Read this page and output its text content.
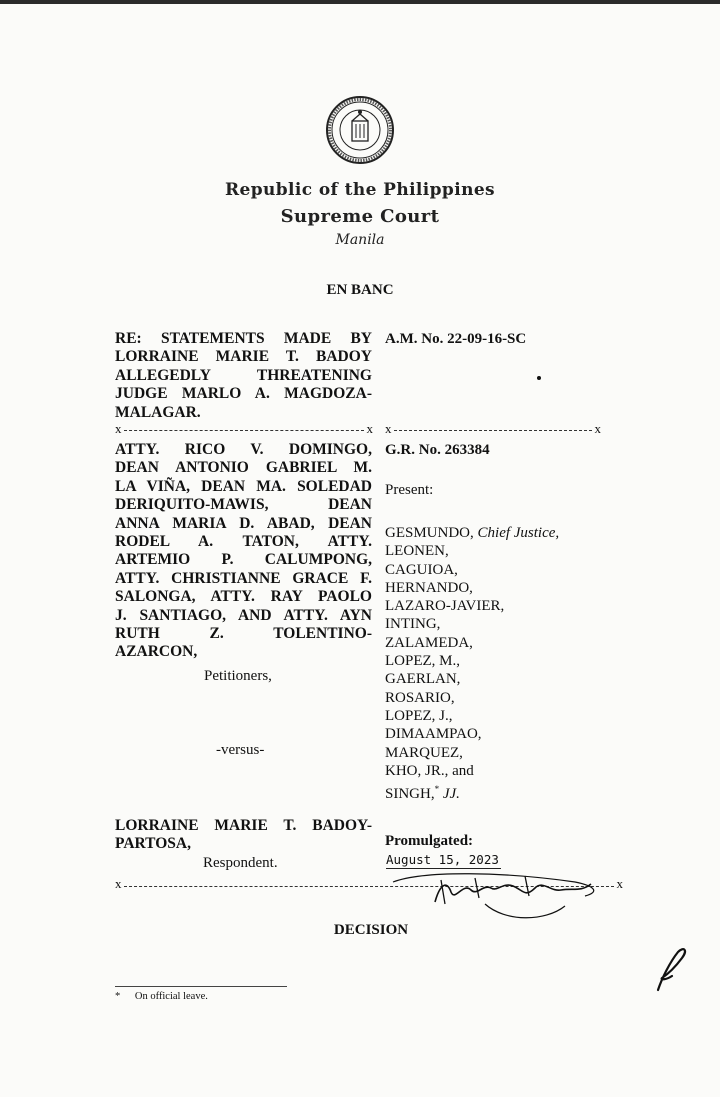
Republic of the Philippines
Supreme Court
Manila
EN BANC
RE: STATEMENTS MADE BY
LORRAINE MARIE T. BADOY
ALLEGEDLY THREATENING
JUDGE MARLO A. MAGDOZA-

MALAGAR.
A.M. No. 22-09-16-SC
x	x x	x
ATTY. RICO V. DOMINGO,
DEAN ANTONIO GABRIEL M.
LA VIÑA, DEAN MA. SOLEDAD
DERIQUITO-MAWIS, DEAN
ANNA MARIA D. ABAD, DEAN
RODEL A. TATON, ATTY.
ARTEMIO P. CALUMPONG,
ATTY. CHRISTIANNE GRACE F.
SALONGA, ATTY. RAY PAOLO
J. SANTIAGO, AND ATTY. AYN
RUTH Z. TOLENTINO-

AZARCON,
Petitioners,
-versus-
G.R. No. 263384
Present:
GESMUNDO, Chief Justice,
LEONEN,
CAGUIOA,
HERNANDO,
LAZARO-JAVIER,
INTING,
ZALAMEDA,
LOPEZ, M.,
GAERLAN,
ROSARIO,
LOPEZ, J.,
DIMAAMPAO,
MARQUEZ,
KHO, JR., and
SINGH,* JJ.
LORRAINE MARIE T. BADOY-

PARTOSA,
Respondent.
Promulgated:
August 15, 2023
x	x
DECISION
* On official leave.
